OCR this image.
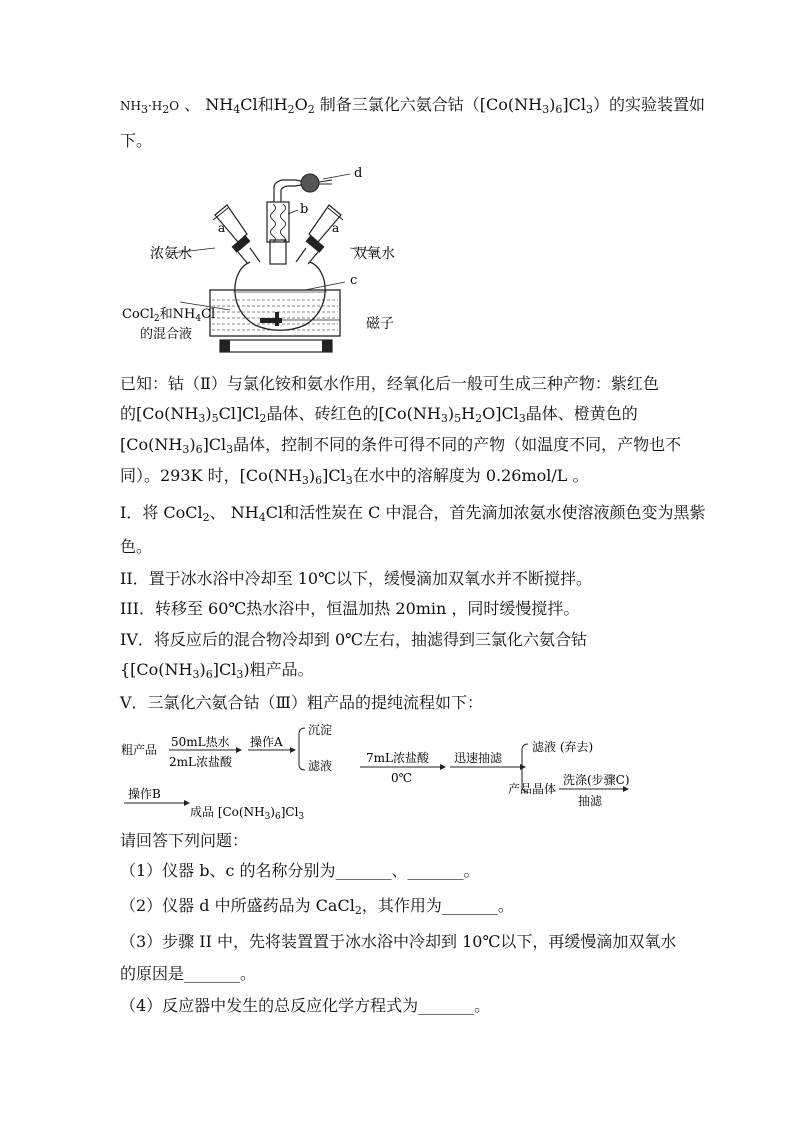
$NH_3\cdot H_2O$ 、 $NH_4Cl$和$H_2O_2$ 制备三氯化六氨合钴$([Co(NH_3)_6]Cl_3)$的实验装置如
下。
d
b
a	a
c
浓氨水	双氧水
CoCl$_2$和$NH_4Cl$
的混合液
磁子
已知：钴（Ⅱ）与氯化铵和氨水作用，经氧化后一般可生成三种产物：紫红色
的$[Co(NH_3)_5Cl]Cl_2$晶体、砖红色的$[Co(NH_3)_5H_2O]Cl_3$晶体、橙黄色的
$[Co(NH_3)_6]Cl_3$晶体，控制不同的条件可得不同的产物（如温度不同，产物也不
同）。293K 时，$[Co(NH_3)_6]Cl_3$在水中的溶解度为 0.26mol/L 。
I．将 CoCl$_2$、 $NH_4Cl$和活性炭在 C 中混合，首先滴加浓氨水使溶液颜色变为黑紫
色。
II．置于冰水浴中冷却至 10℃以下，缓慢滴加双氧水并不断搅拌。
III．转移至 60℃热水浴中，恒温加热 20min ，同时缓慢搅拌。
IV．将反应后的混合物冷却到 0℃左右，抽滤得到三氯化六氨合钴
$\{[Co(NH_3)_6]Cl_3)$粗产品。
V．三氯化六氨合钴（Ⅲ）粗产品的提纯流程如下：
粗产品
50mL热水
2mL浓盐酸
操作A
沉淀
滤液
7mL浓盐酸
0℃
迅速抽滤
滤液 (弃去)
产品晶体
洗涤(步骤C)
抽滤
操作B
成品 $[Co(NH_3)_6]Cl_3$
请回答下列问题：
（1）仪器 b、c 的名称分别为_______、_______。
（2）仪器 d 中所盛药品为 CaCl$_2$，其作用为_______。
（3）步骤 II 中，先将装置置于冰水浴中冷却到 10℃以下，再缓慢滴加双氧水
的原因是_______。
（4）反应器中发生的总反应化学方程式为_______。
